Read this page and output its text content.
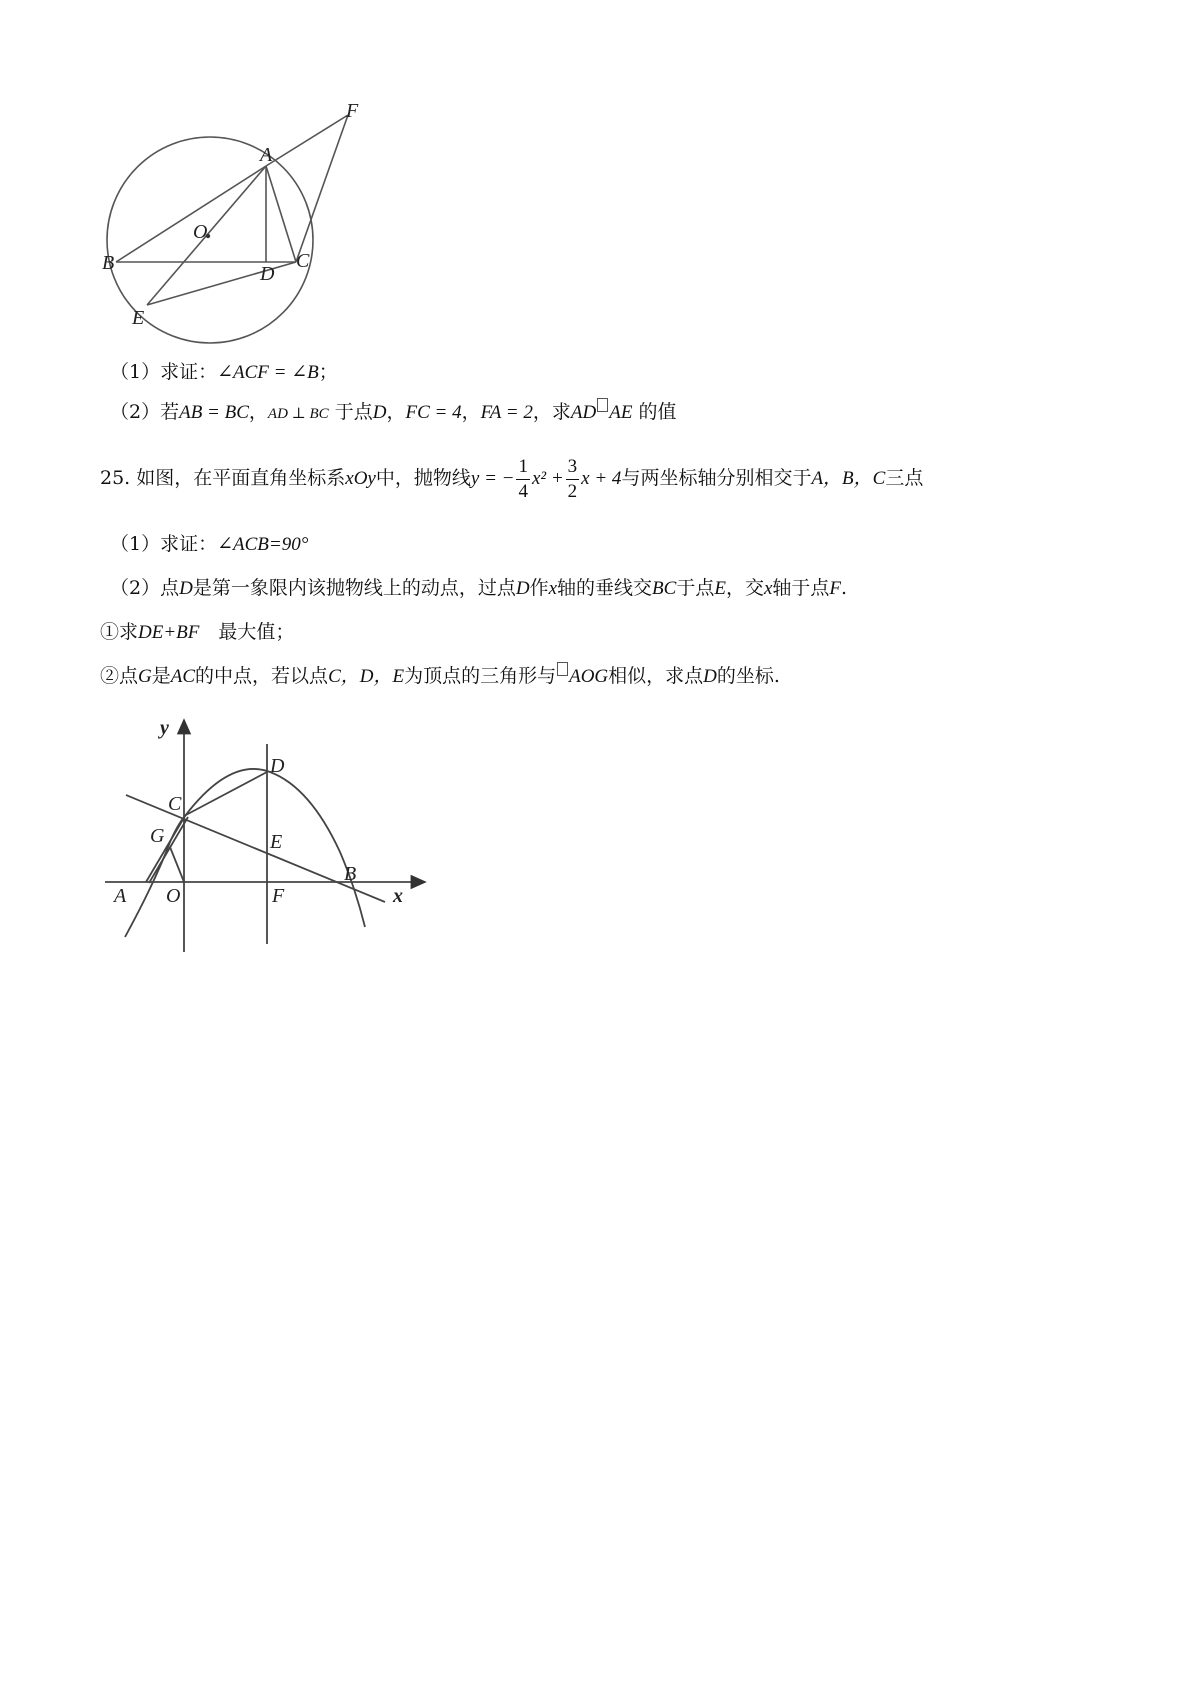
A
B	C
D
E
F
O
（1）求证：∠ACF = ∠B；
（2）若AB = BC，AD ⊥ BC 于点D，FC = 4，FA = 2，求AD AE 的值
25. 如图，在平面直角坐标系xOy中，抛物线y = − $\frac{1}{4} x^2 + \frac{3}{2}$ x + 4与两坐标轴分别相交于A，B，C三点
（1）求证：∠ACB=90°
（2）点D是第一象限内该抛物线上的动点，过点D作x轴的垂线交BC于点E，交x轴于点F.
①求DE+BF　最大值；
②点G是AC的中点，若以点C，D，E为顶点的三角形与 AOG相似，求点D的坐标.
y
x
A O	F
B
C
G	E
D
